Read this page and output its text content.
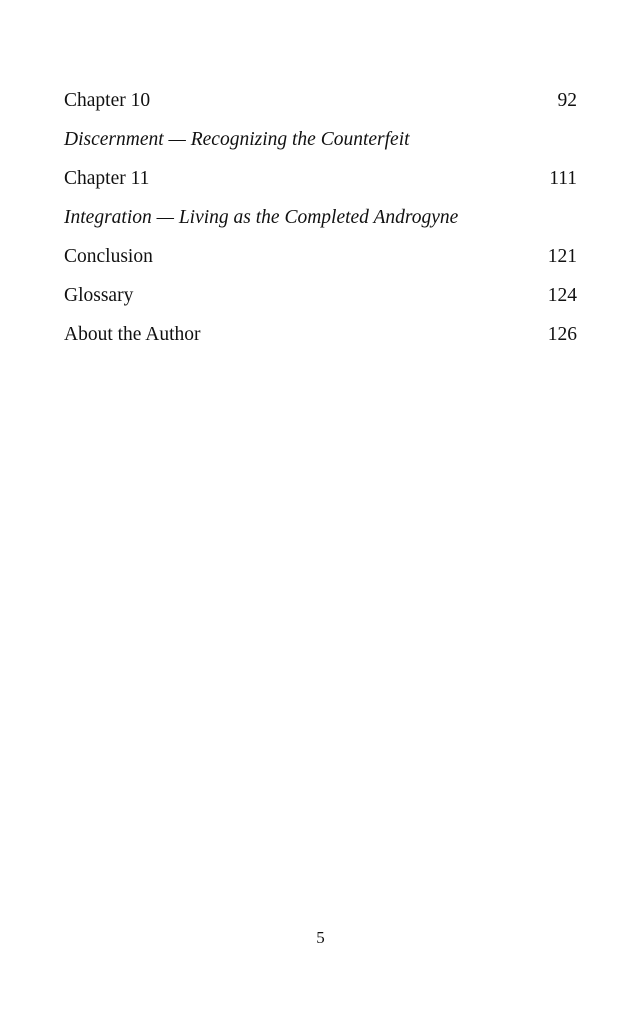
Chapter 10	92
Discernment — Recognizing the Counterfeit
Chapter 11	111
Integration — Living as the Completed Androgyne
Conclusion	121
Glossary	124
About the Author	126
5
